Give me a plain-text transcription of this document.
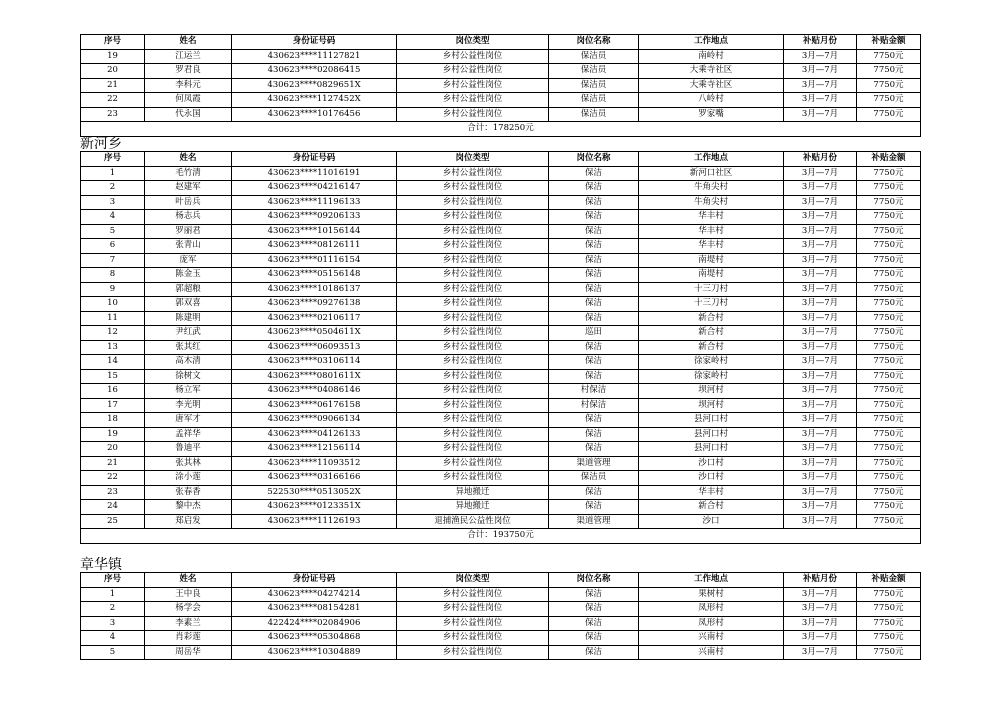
序号	姓名	身份证号码	岗位类型	岗位名称	工作地点	补贴月份	补贴金额
19	江运兰	430623****11127821	乡村公益性岗位	保洁员	南岭村	3月—7月	7750元
20	罗君良	430623****02086415	乡村公益性岗位	保洁员	大乘寺社区	3月—7月	7750元
21	李科元	430623****0829651X	乡村公益性岗位	保洁员	大乘寺社区	3月—7月	7750元
22	何凤霞	430623****1127452X	乡村公益性岗位	保洁员	八岭村	3月—7月	7750元
23	代永国	430623****10176456	乡村公益性岗位	保洁员	罗家嘴	3月—7月	7750元
合计：178250元							
新河乡
序号	姓名	身份证号码	岗位类型	岗位名称	工作地点	补贴月份	补贴金额
1	毛竹清	430623****11016191	乡村公益性岗位	保洁	新河口社区	3月—7月	7750元
2	赵建军	430623****04216147	乡村公益性岗位	保洁	牛角尖村	3月—7月	7750元
3	叶岳兵	430623****11196133	乡村公益性岗位	保洁	牛角尖村	3月—7月	7750元
4	杨志兵	430623****09206133	乡村公益性岗位	保洁	华丰村	3月—7月	7750元
5	罗丽君	430623****10156144	乡村公益性岗位	保洁	华丰村	3月—7月	7750元
6	张青山	430623****08126111	乡村公益性岗位	保洁	华丰村	3月—7月	7750元
7	庞军	430623****01116154	乡村公益性岗位	保洁	南堤村	3月—7月	7750元
8	陈金玉	430623****05156148	乡村公益性岗位	保洁	南堤村	3月—7月	7750元
9	郭超粮	430623****10186137	乡村公益性岗位	保洁	十三刀村	3月—7月	7750元
10	郭双喜	430623****09276138	乡村公益性岗位	保洁	十三刀村	3月—7月	7750元
11	陈建明	430623****02106117	乡村公益性岗位	保洁	新合村	3月—7月	7750元
12	尹红武	430623****0504611X	乡村公益性岗位	巡田	新合村	3月—7月	7750元
13	张其红	430623****06093513	乡村公益性岗位	保洁	新合村	3月—7月	7750元
14	高木清	430623****03106114	乡村公益性岗位	保洁	徐家岭村	3月—7月	7750元
15	徐树文	430623****0801611X	乡村公益性岗位	保洁	徐家岭村	3月—7月	7750元
16	杨立军	430623****04086146	乡村公益性岗位	村保洁	坝河村	3月—7月	7750元
17	李光明	430623****06176158	乡村公益性岗位	村保洁	坝河村	3月—7月	7750元
18	唐军才	430623****09066134	乡村公益性岗位	保洁	县河口村	3月—7月	7750元
19	孟祥华	430623****04126133	乡村公益性岗位	保洁	县河口村	3月—7月	7750元
20	鲁迪平	430623****12156114	乡村公益性岗位	保洁	县河口村	3月—7月	7750元
21	张其林	430623****11093512	乡村公益性岗位	渠道管理	沙口村	3月—7月	7750元
22	涂小莲	430623****03166166	乡村公益性岗位	保洁员	沙口村	3月—7月	7750元
23	张春香	522530****0513052X	异地搬迁	保洁	华丰村	3月—7月	7750元
24	黎中杰	430623****0123351X	异地搬迁	保洁	新合村	3月—7月	7750元
25	郑启发	430623****11126193	退捕渔民公益性岗位	渠道管理	沙口	3月—7月	7750元
合计：193750元							
章华镇
序号	姓名	身份证号码	岗位类型	岗位名称	工作地点	补贴月份	补贴金额
1	王中良	430623****04274214	乡村公益性岗位	保洁	果树村	3月—7月	7750元
2	杨学会	430623****08154281	乡村公益性岗位	保洁	凤形村	3月—7月	7750元
3	李素兰	422424****02084906	乡村公益性岗位	保洁	凤形村	3月—7月	7750元
4	肖彩莲	430623****05304868	乡村公益性岗位	保洁	兴南村	3月—7月	7750元
5	周岳华	430623****10304889	乡村公益性岗位	保洁	兴南村	3月—7月	7750元
